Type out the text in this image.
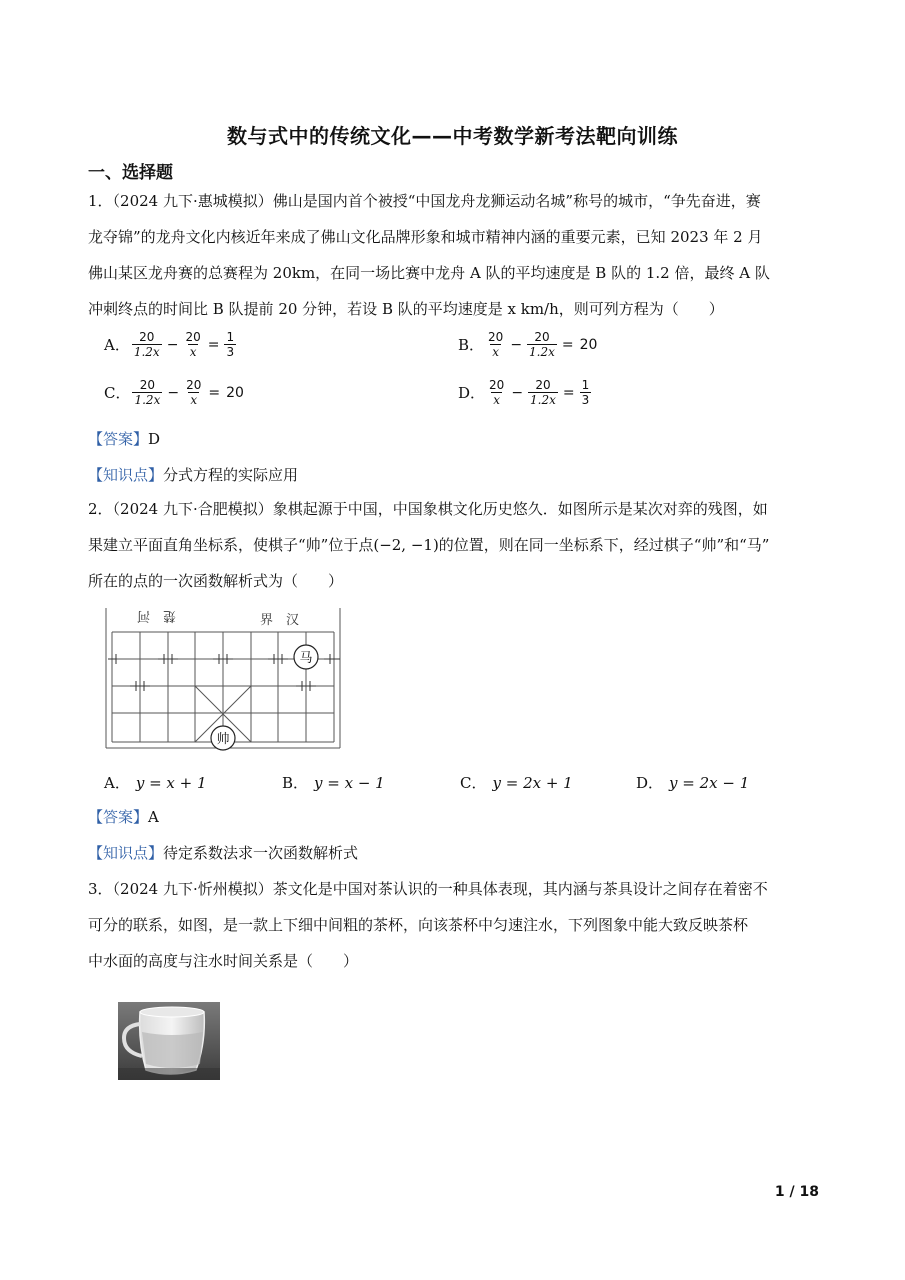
数与式中的传统文化——中考数学新考法靶向训练
一、选择题
1．（2024 九下·惠城模拟）佛山是国内首个被授“中国龙舟龙狮运动名城”称号的城市，“争先奋进，赛
龙夺锦”的龙舟文化内核近年来成了佛山文化品牌形象和城市精神内涵的重要元素，已知 2023 年 2 月
佛山某区龙舟赛的总赛程为 20km，在同一场比赛中龙舟 A 队的平均速度是 B 队的 1.2 倍，最终 A 队
冲刺终点的时间比 B 队提前 20 分钟，若设 B 队的平均速度是 x km/h，则可列方程为（　　）
A． $\frac{20}{1.2x} - \frac{20}{x} = \frac{1}{3}$	B． $\frac{20}{x} - \frac{20}{1.2x} = 20$
C． $\frac{20}{1.2x} - \frac{20}{x} = 20$	D． $\frac{20}{x} - \frac{20}{1.2x} = \frac{1}{3}$
【答案】D
【知识点】分式方程的实际应用
2．（2024 九下·合肥模拟）象棋起源于中国，中国象棋文化历史悠久．如图所示是某次对弈的残图，如
果建立平面直角坐标系，使棋子“帅”位于点(−2, −1)的位置，则在同一坐标系下，经过棋子“帅”和“马”
所在的点的一次函数解析式为（　　）
楚　河	界　汉
马
帅
A． y = x + 1	B． y = x − 1	C． y = 2x + 1	D． y = 2x − 1
【答案】A
【知识点】待定系数法求一次函数解析式
3．（2024 九下·忻州模拟）茶文化是中国对茶认识的一种具体表现，其内涵与茶具设计之间存在着密不
可分的联系，如图，是一款上下细中间粗的茶杯，向该茶杯中匀速注水，下列图象中能大致反映茶杯
中水面的高度与注水时间关系是（　　）
1 / 18
